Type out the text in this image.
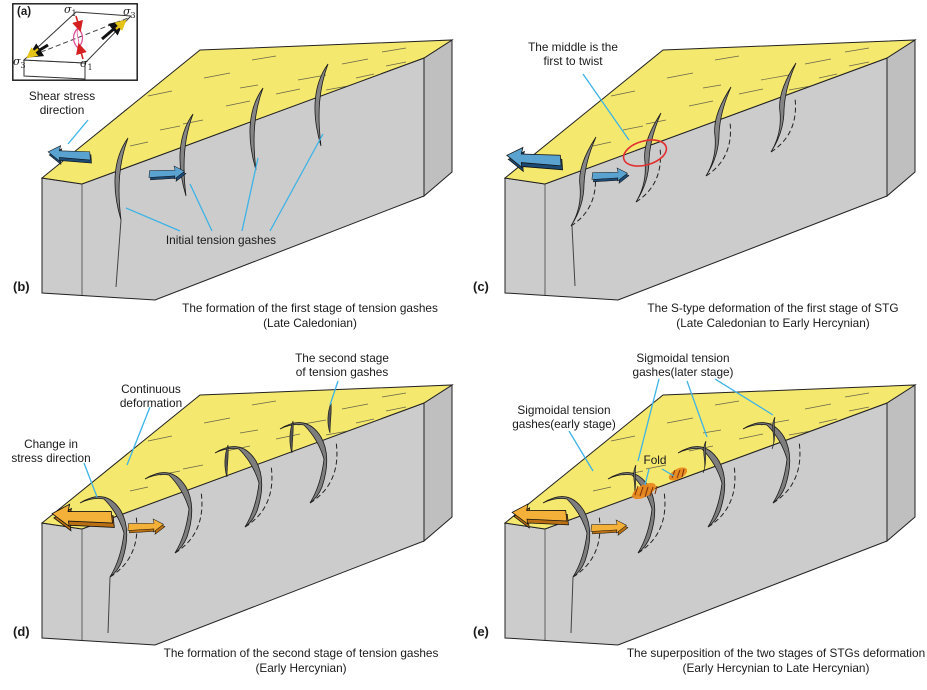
Shear stress
direction
Initial tension gashes
The formation of the first stage of tension gashes
(Late Caledonian)
(b)
(a)	$\sigma_1$	$\sigma_3$
$\sigma_3$	$\sigma_1$
The middle is the
first to twist
The S-type deformation of the first stage of STG
(Late Caledonian to Early Hercynian)
(c)
The second stage
of tension gashes
Continuous
deformation
Change in
stress direction
The formation of the second stage of tension gashes
(Early Hercynian)
(d)
Sigmoidal tension
gashes(later stage)
Sigmoidal tension
gashes(early stage)
Fold
The superposition of the two stages of STGs deformation
(Early Hercynian to Late Hercynian)
(e)
